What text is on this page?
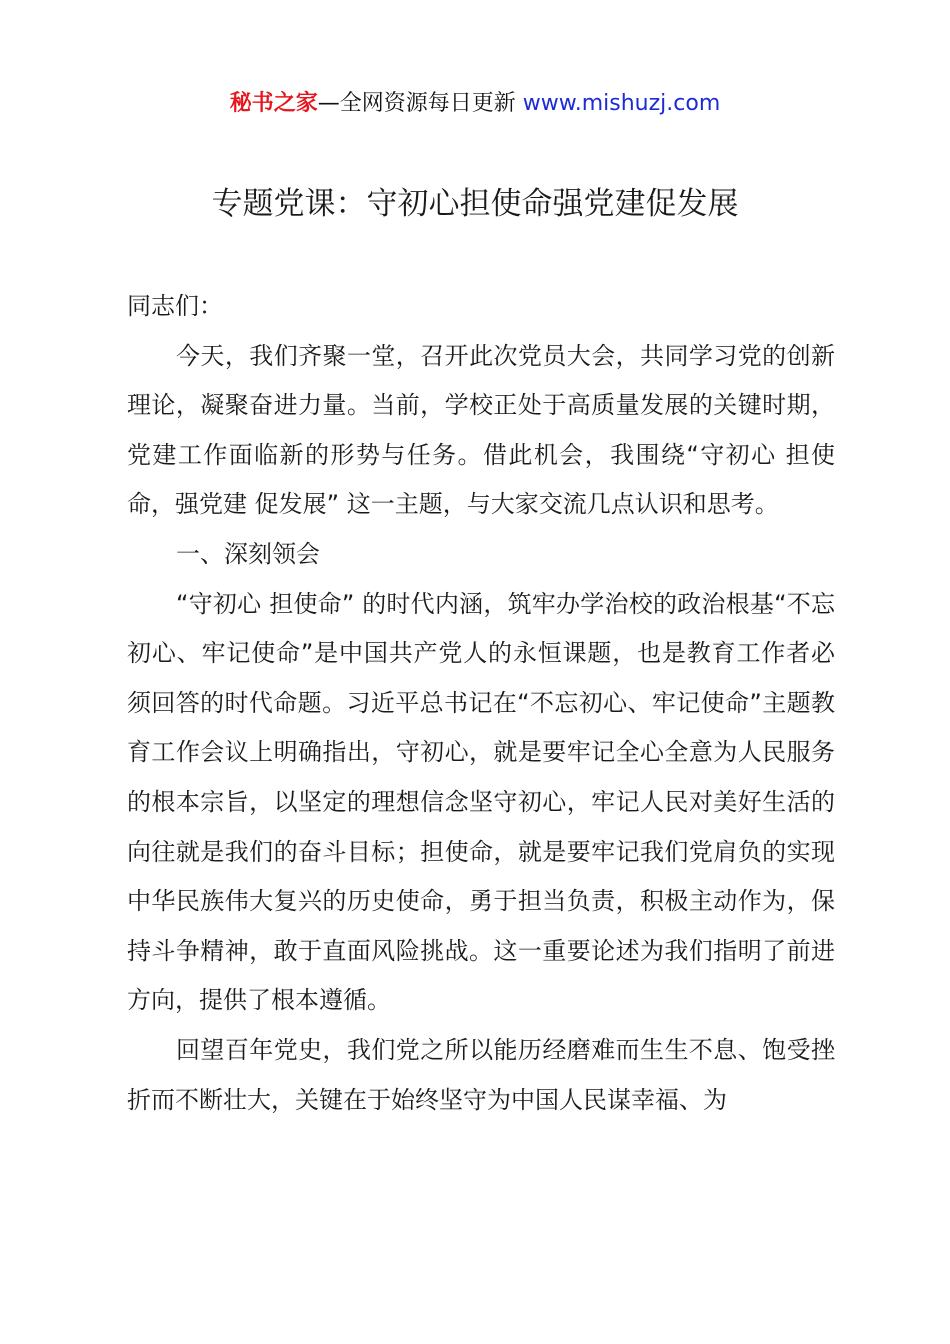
秘书之家—全网资源每日更新 www.mishuzj.com
专题党课：守初心担使命强党建促发展

同志们：

今天，我们齐聚一堂，召开此次党员大会，共同学习党的创新理论，凝聚奋进力量。当前，学校正处于高质量发展的关键时期，党建工作面临新的形势与任务。借此机会，我围绕“守初心 担使命，强党建 促发展” 这一主题，与大家交流几点认识和思考。

一、深刻领会

“守初心 担使命” 的时代内涵，筑牢办学治校的政治根基“不忘初心、牢记使命”是中国共产党人的永恒课题，也是教育工作者必须回答的时代命题。习近平总书记在“不忘初心、牢记使命”主题教育工作会议上明确指出，守初心，就是要牢记全心全意为人民服务的根本宗旨，以坚定的理想信念坚守初心，牢记人民对美好生活的向往就是我们的奋斗目标；担使命，就是要牢记我们党肩负的实现中华民族伟大复兴的历史使命，勇于担当负责，积极主动作为，保持斗争精神，敢于直面风险挑战。这一重要论述为我们指明了前进方向，提供了根本遵循。

回望百年党史，我们党之所以能历经磨难而生生不息、饱受挫折而不断壮大，关键在于始终坚守为中国人民谋幸福、为
